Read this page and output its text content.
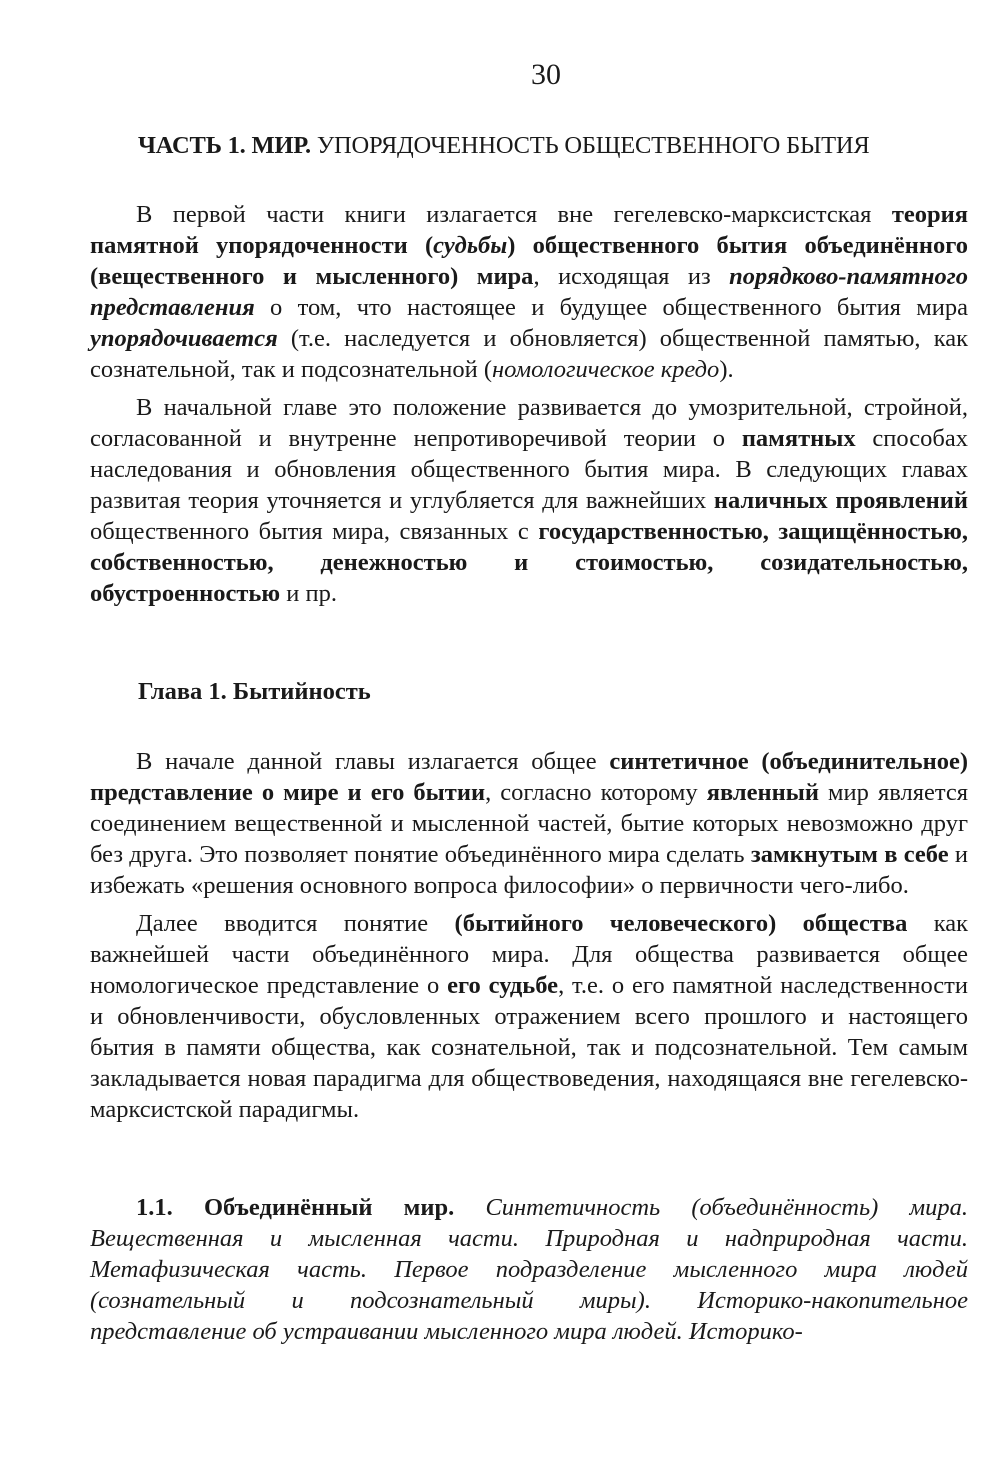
30
ЧАСТЬ 1. МИР. УПОРЯДОЧЕННОСТЬ ОБЩЕСТВЕННОГО БЫТИЯ

В первой части книги излагается вне гегелевско-марксистская теория памятной упорядоченности (судьбы) общественного бытия объединённого (вещественного и мысленного) мира, исходящая из порядково-памятного представления о том, что настоящее и будущее общественного бытия мира упорядочивается (т.е. наследуется и обновляется) общественной памятью, как сознательной, так и подсознательной (номологическое кредо).

В начальной главе это положение развивается до умозрительной, стройной, согласованной и внутренне непротиворечивой теории о памятных способах наследования и обновления общественного бытия мира. В следующих главах развитая теория уточняется и углубляется для важнейших наличных проявлений общественного бытия мира, связанных с государственностью, защищённостью, собственностью, денежностью и стоимостью, созидательностью, обустроенностью и пр.

Глава 1. Бытийность

В начале данной главы излагается общее синтетичное (объединительное) представление о мире и его бытии, согласно которому явленный мир является соединением вещественной и мысленной частей, бытие которых невозможно друг без друга. Это позволяет понятие объединённого мира сделать замкнутым в себе и избежать «решения основного вопроса философии» о первичности чего-либо.

Далее вводится понятие (бытийного человеческого) общества как важнейшей части объединённого мира. Для общества развивается общее номологическое представление о его судьбе, т.е. о его памятной наследственности и обновленчивости, обусловленных отражением всего прошлого и настоящего бытия в памяти общества, как сознательной, так и подсознательной. Тем самым закладывается новая парадигма для обществоведения, находящаяся вне гегелевско-марксистской парадигмы.

1.1. Объединённый мир. Синтетичность (объединённость) мира. Вещественная и мысленная части. Природная и надприродная части. Метафизическая часть. Первое подразделение мысленного мира людей (сознательный и подсознательный миры). Историко-накопительное представление об устраивании мысленного мира людей. Историко-
